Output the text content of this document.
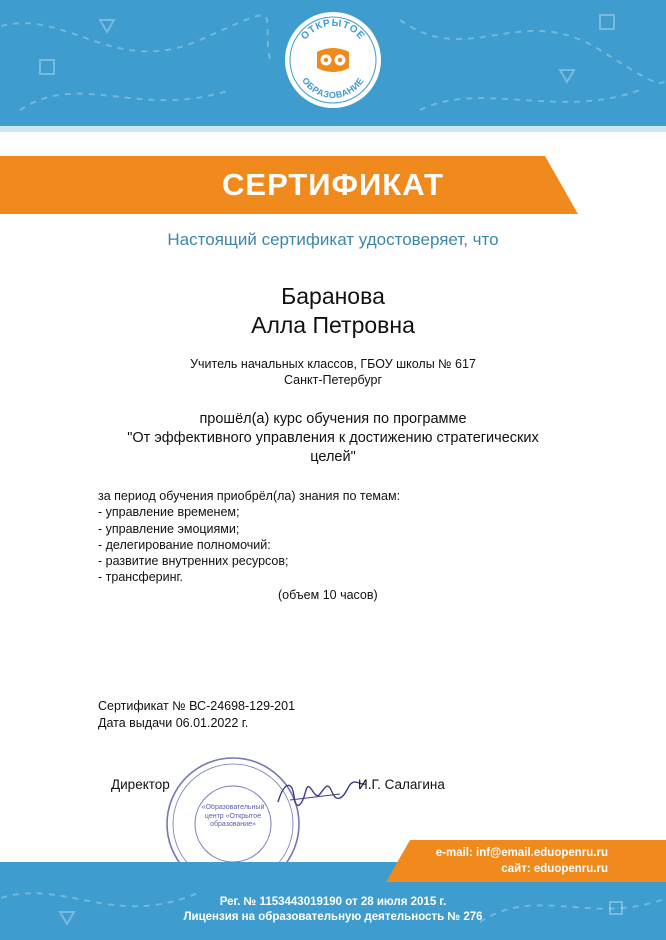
ОТКРЫТОЕ
ОБРАЗОВАНИЕ
СЕРТИФИКАТ
Настоящий сертификат удостоверяет, что
Баранова
Алла Петровна
Учитель начальных классов, ГБОУ школы № 617
Санкт-Петербург
прошёл(а) курс обучения по программе
"От эффективного управления к достижению стратегических
целей"
за период обучения приобрёл(ла) знания по темам:
- управление временем;
- управление эмоциями;
- делегирование полномочий:
- развитие внутренних ресурсов;
- трансферинг.
(объем 10 часов)
Сертификат № ВС-24698-129-201
Дата выдачи 06.01.2022 г.
«Образовательный центр «Открытое образование»
Директор	И.Г. Салагина
e-mail: inf@email.eduopenru.ru
сайт: eduopenru.ru
Рег. № 1153443019190 от 28 июля 2015 г.
Лицензия на образовательную деятельность № 276
